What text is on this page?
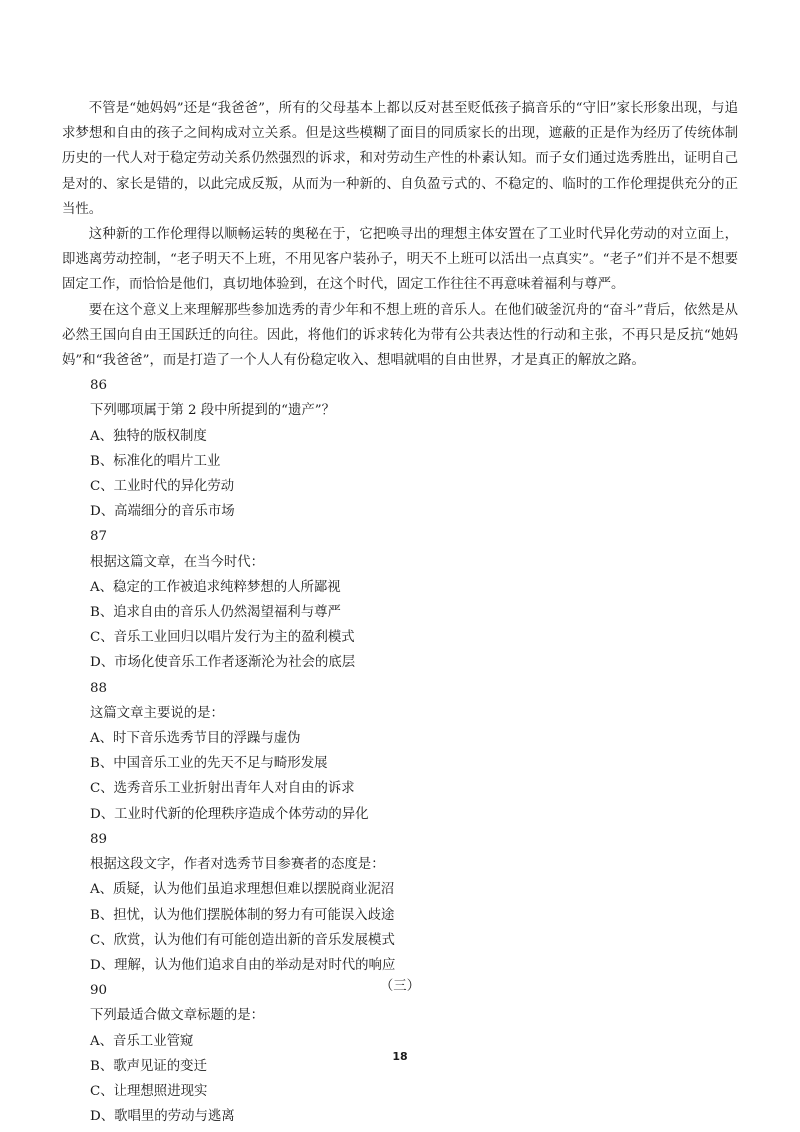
不管是“她妈妈”还是“我爸爸”，所有的父母基本上都以反对甚至贬低孩子搞音乐的“守旧”家长形象出现，与追求梦想和自由的孩子之间构成对立关系。但是这些模糊了面目的同质家长的出现，遮蔽的正是作为经历了传统体制历史的一代人对于稳定劳动关系仍然强烈的诉求，和对劳动生产性的朴素认知。而子女们通过选秀胜出，证明自己是对的、家长是错的，以此完成反叛，从而为一种新的、自负盈亏式的、不稳定的、临时的工作伦理提供充分的正当性。

这种新的工作伦理得以顺畅运转的奥秘在于，它把唤寻出的理想主体安置在了工业时代异化劳动的对立面上，即逃离劳动控制，“老子明天不上班，不用见客户装孙子，明天不上班可以活出一点真实”。“老子”们并不是不想要固定工作，而恰恰是他们，真切地体验到，在这个时代，固定工作往往不再意味着福利与尊严。

要在这个意义上来理解那些参加选秀的青少年和不想上班的音乐人。在他们破釜沉舟的“奋斗”背后，依然是从必然王国向自由王国跃迁的向往。因此，将他们的诉求转化为带有公共表达性的行动和主张，不再只是反抗“她妈妈”和“我爸爸”，而是打造了一个人人有份稳定收入、想唱就唱的自由世界，才是真正的解放之路。

86

下列哪项属于第 2 段中所提到的“遗产”？

A、独特的版权制度

B、标准化的唱片工业

C、工业时代的异化劳动

D、高端细分的音乐市场

87

根据这篇文章，在当今时代：

A、稳定的工作被追求纯粹梦想的人所鄙视

B、追求自由的音乐人仍然渴望福利与尊严

C、音乐工业回归以唱片发行为主的盈利模式

D、市场化使音乐工作者逐渐沦为社会的底层

88

这篇文章主要说的是：

A、时下音乐选秀节目的浮躁与虚伪

B、中国音乐工业的先天不足与畸形发展

C、选秀音乐工业折射出青年人对自由的诉求

D、工业时代新的伦理秩序造成个体劳动的异化

89

根据这段文字，作者对选秀节目参赛者的态度是：

A、质疑，认为他们虽追求理想但难以摆脱商业泥沼

B、担忧，认为他们摆脱体制的努力有可能误入歧途

C、欣赏，认为他们有可能创造出新的音乐发展模式

D、理解，认为他们追求自由的举动是对时代的响应

90

下列最适合做文章标题的是：

A、音乐工业管窥

B、歌声见证的变迁

C、让理想照进现实

D、歌唱里的劳动与逃离

（三）
18
